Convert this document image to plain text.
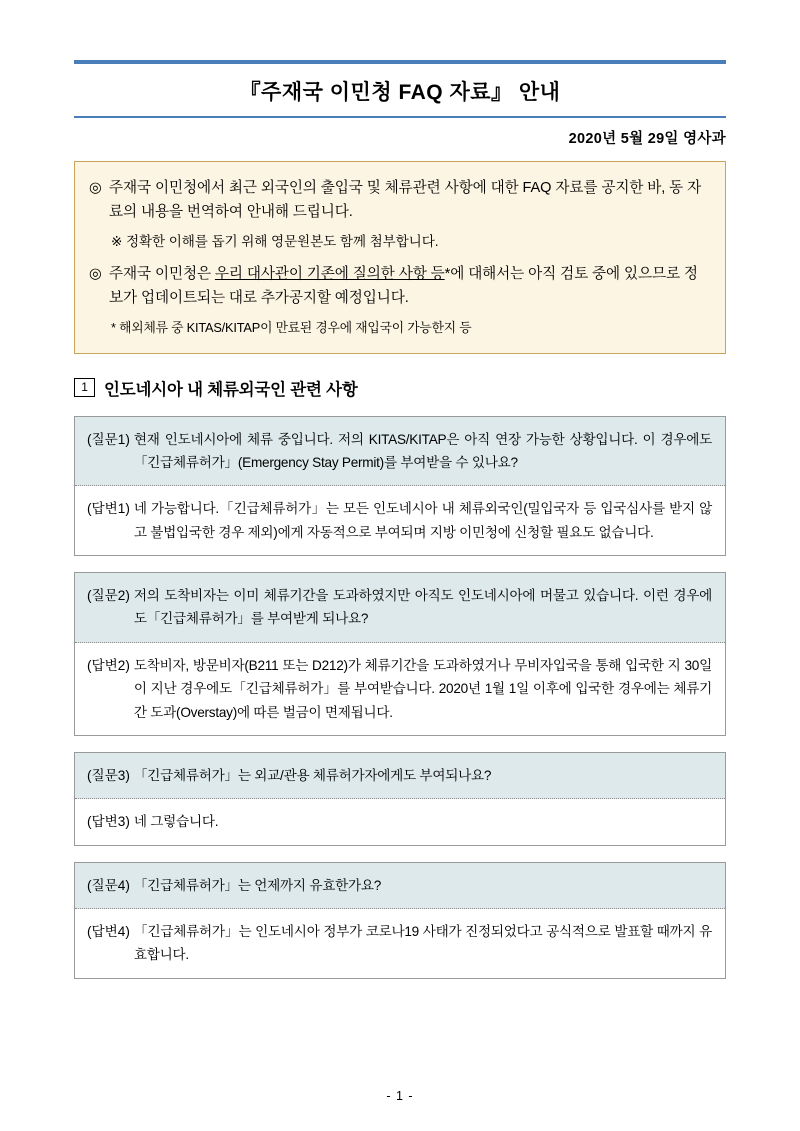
『주재국 이민청 FAQ 자료』 안내
2020년 5월 29일 영사과
◎ 주재국 이민청에서 최근 외국인의 출입국 및 체류관련 사항에 대한 FAQ 자료를 공지한 바, 동 자료의 내용을 번역하여 안내해 드립니다.
※ 정확한 이해를 돕기 위해 영문원본도 함께 첨부합니다.
◎ 주재국 이민청은 우리 대사관이 기존에 질의한 사항 등*에 대해서는 아직 검토 중에 있으므로 정보가 업데이트되는 대로 추가공지할 예정입니다.
* 해외체류 중 KITAS/KITAP이 만료된 경우에 재입국이 가능한지 등
1 인도네시아 내 체류외국인 관련 사항
(질문1) 현재 인도네시아에 체류 중입니다. 저의 KITAS/KITAP은 아직 연장 가능한 상황입니다. 이 경우에도「긴급체류허가」(Emergency Stay Permit)를 부여받을 수 있나요?
(답변1) 네 가능합니다.「긴급체류허가」는 모든 인도네시아 내 체류외국인(밀입국자 등 입국심사를 받지 않고 불법입국한 경우 제외)에게 자동적으로 부여되며 지방 이민청에 신청할 필요도 없습니다.
(질문2) 저의 도착비자는 이미 체류기간을 도과하였지만 아직도 인도네시아에 머물고 있습니다. 이런 경우에도「긴급체류허가」를 부여받게 되나요?
(답변2) 도착비자, 방문비자(B211 또는 D212)가 체류기간을 도과하였거나 무비자입국을 통해 입국한 지 30일이 지난 경우에도「긴급체류허가」를 부여받습니다. 2020년 1월 1일 이후에 입국한 경우에는 체류기간 도과(Overstay)에 따른 벌금이 면제됩니다.
(질문3) 「긴급체류허가」는 외교/관용 체류허가자에게도 부여되나요?
(답변3) 네 그렇습니다.
(질문4) 「긴급체류허가」는 언제까지 유효한가요?
(답변4) 「긴급체류허가」는 인도네시아 정부가 코로나19 사태가 진정되었다고 공식적으로 발표할 때까지 유효합니다.
- 1 -
